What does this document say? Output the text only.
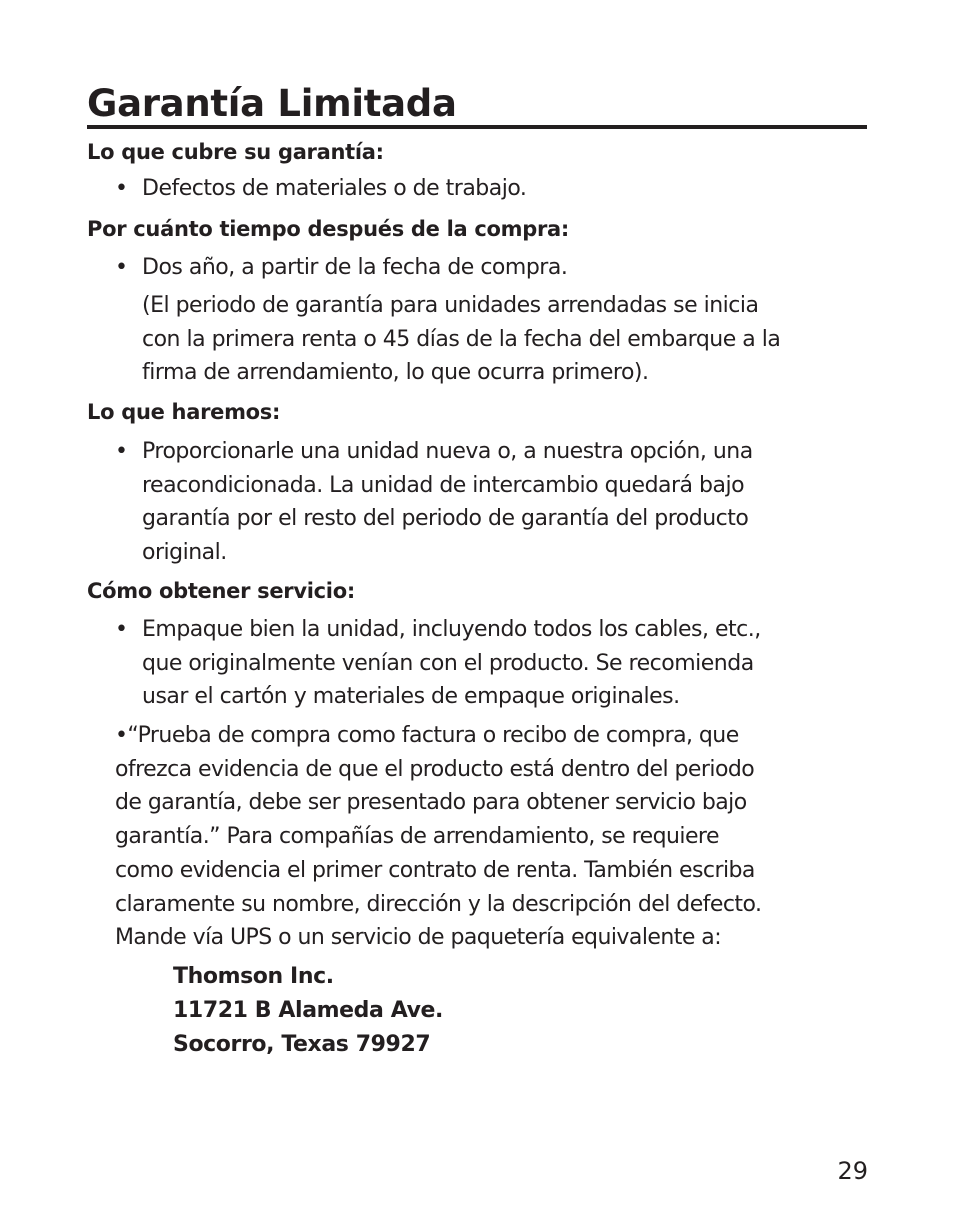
Garantía Limitada
Lo que cubre su garantía:
• Defectos de materiales o de trabajo.
Por cuánto tiempo después de la compra:
• Dos año, a partir de la fecha de compra.
(El periodo de garantía para unidades arrendadas se inicia
con la primera renta o 45 días de la fecha del embarque a la
firma de arrendamiento, lo que ocurra primero).
Lo que haremos:
• Proporcionarle una unidad nueva o, a nuestra opción, una
reacondicionada. La unidad de intercambio quedará bajo
garantía por el resto del periodo de garantía del producto
original.
Cómo obtener servicio:
• Empaque bien la unidad, incluyendo todos los cables, etc.,
que originalmente venían con el producto. Se recomienda
usar el cartón y materiales de empaque originales.
•“Prueba de compra como factura o recibo de compra, que
ofrezca evidencia de que el producto está dentro del periodo
de garantía, debe ser presentado para obtener servicio bajo
garantía.” Para compañías de arrendamiento, se requiere
como evidencia el primer contrato de renta. También escriba
claramente su nombre, dirección y la descripción del defecto.
Mande vía UPS o un servicio de paquetería equivalente a:
Thomson Inc.
11721 B Alameda Ave.
Socorro, Texas 79927
29
